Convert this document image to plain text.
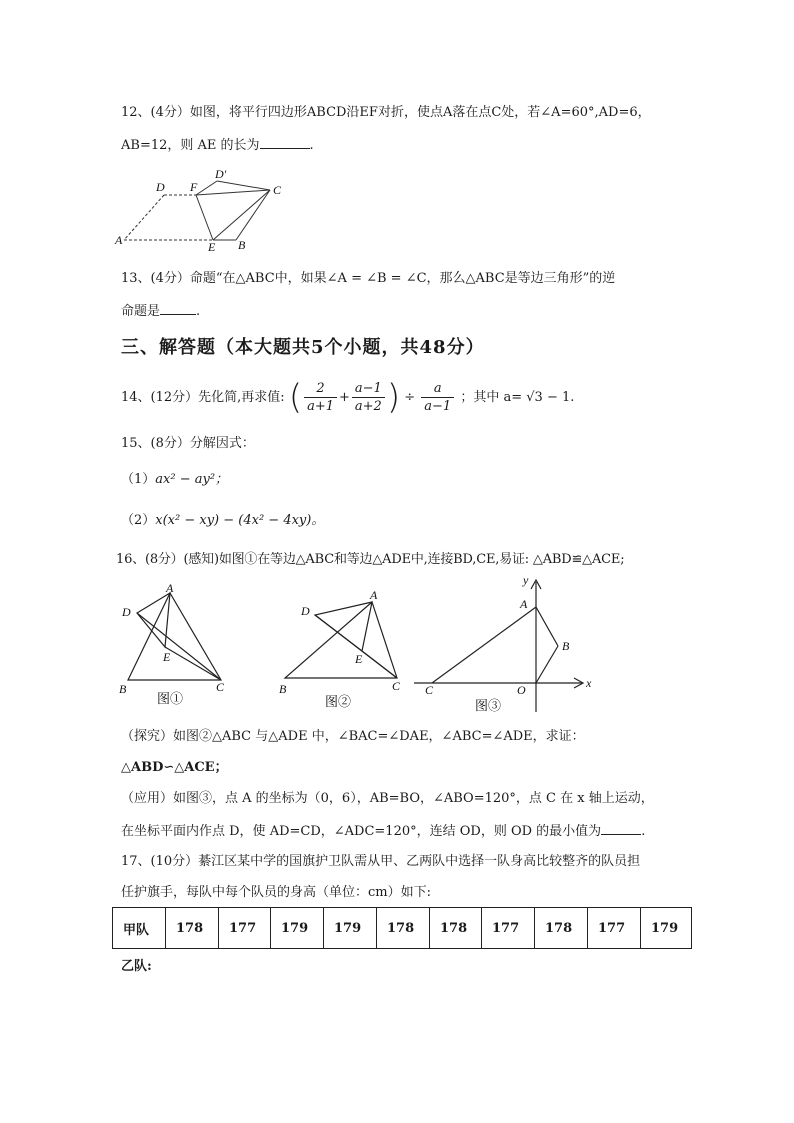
12、(4分）如图，将平行四边形ABCD沿EF对折，使点A落在点C处，若∠A=60°,AD=6，
AB=12，则 AE 的长为	.
D F
D'
C
A	E B
13、(4分）命题“在△ABC中，如果∠A = ∠B = ∠C，那么△ABC是等边三角形”的逆
命题是	.
三、解答题（本大题共5个小题，共48分）
14、(12分）先化简,再求值: ( $\frac{2}{a+1} + \frac{a-1}{a+2}$ ) ÷ $\frac{a}{a-1}$ ；其中 a= √3 − 1.
15、(8分）分解因式：
（1）ax² − ay²；
（2）x(x² − xy) − (4x² − 4xy)。
16、(8分）(感知)如图①在等边△ABC和等边△ADE中,连接BD,CE,易证: △ABD≌△ACE;
A
D
E
B	C
图①
A
D
E
B	C
图②
y
A
B
C	O	x
图③
（探究）如图②△ABC 与△ADE 中，∠BAC=∠DAE，∠ABC=∠ADE，求证：
△ABD∽△ACE；
（应用）如图③，点 A 的坐标为（0，6），AB=BO，∠ABO=120°，点 C 在 x 轴上运动，
在坐标平面内作点 D，使 AD=CD，∠ADC=120°，连结 OD，则 OD 的最小值为	.
17、(10分）綦江区某中学的国旗护卫队需从甲、乙两队中选择一队身高比较整齐的队员担
任护旗手，每队中每个队员的身高（单位：cm）如下:
甲队	178	177	179	179	178	178	177	178	177	179
乙队:
